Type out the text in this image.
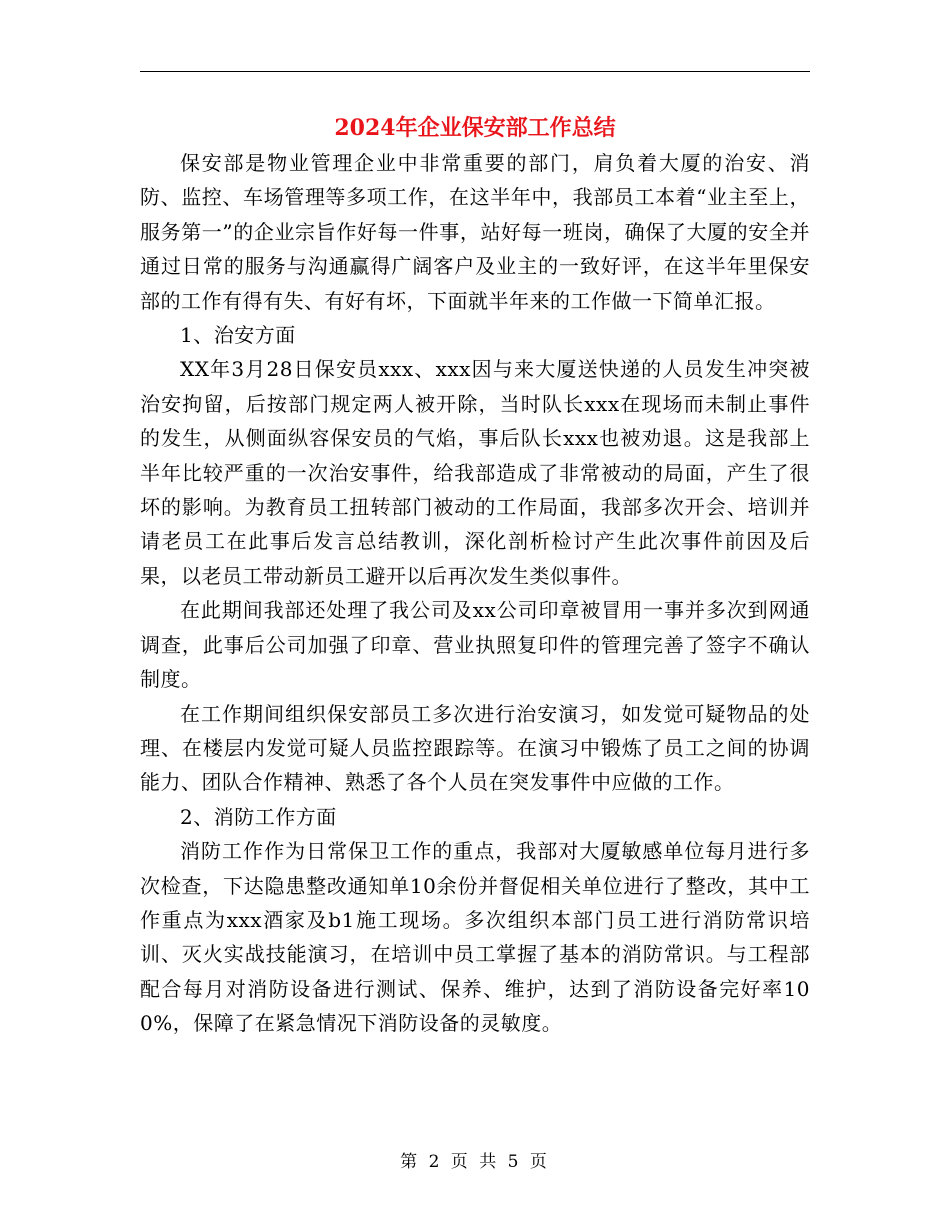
2024年企业保安部工作总结

保安部是物业管理企业中非常重要的部门，肩负着大厦的治安、消防、监控、车场管理等多项工作，在这半年中，我部员工本着“业主至上，服务第一”的企业宗旨作好每一件事，站好每一班岗，确保了大厦的安全并通过日常的服务与沟通赢得广阔客户及业主的一致好评，在这半年里保安部的工作有得有失、有好有坏，下面就半年来的工作做一下简单汇报。

1、治安方面

XX年3月28日保安员xxx、xxx因与来大厦送快递的人员发生冲突被治安拘留，后按部门规定两人被开除，当时队长xxx在现场而未制止事件的发生，从侧面纵容保安员的气焰，事后队长xxx也被劝退。这是我部上半年比较严重的一次治安事件，给我部造成了非常被动的局面，产生了很坏的影响。为教育员工扭转部门被动的工作局面，我部多次开会、培训并请老员工在此事后发言总结教训，深化剖析检讨产生此次事件前因及后果，以老员工带动新员工避开以后再次发生类似事件。

在此期间我部还处理了我公司及xx公司印章被冒用一事并多次到网通调查，此事后公司加强了印章、营业执照复印件的管理完善了签字不确认制度。

在工作期间组织保安部员工多次进行治安演习，如发觉可疑物品的处理、在楼层内发觉可疑人员监控跟踪等。在演习中锻炼了员工之间的协调能力、团队合作精神、熟悉了各个人员在突发事件中应做的工作。

2、消防工作方面

消防工作作为日常保卫工作的重点，我部对大厦敏感单位每月进行多次检查，下达隐患整改通知单10余份并督促相关单位进行了整改，其中工作重点为xxx酒家及b1施工现场。多次组织本部门员工进行消防常识培训、灭火实战技能演习，在培训中员工掌握了基本的消防常识。与工程部配合每月对消防设备进行测试、保养、维护，达到了消防设备完好率100%，保障了在紧急情况下消防设备的灵敏度。

第 2 页 共 5 页
